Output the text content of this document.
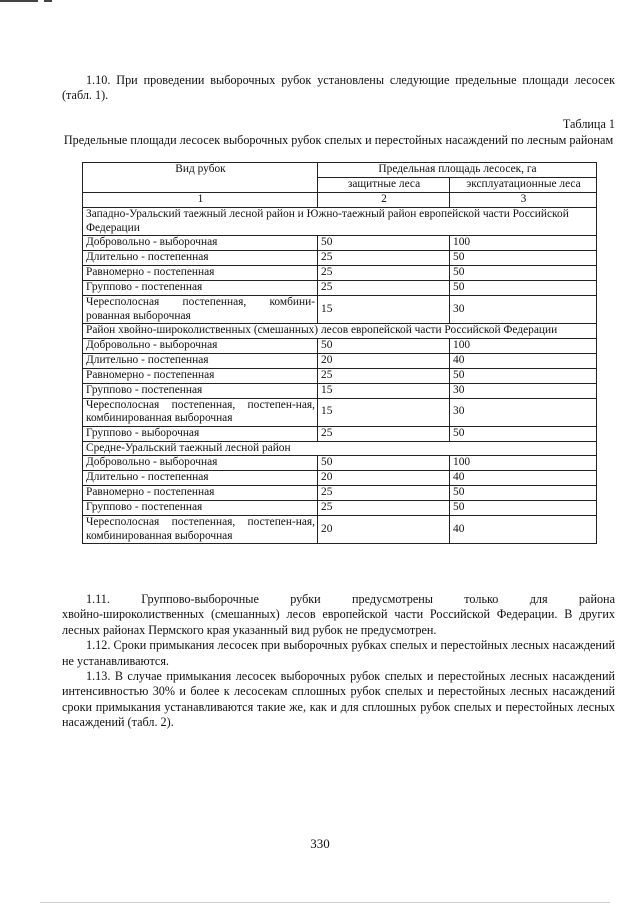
1.10. При проведении выборочных рубок установлены следующие предельные площади лесосек (табл. 1).

Таблица 1

Предельные площади лесосек выборочных рубок спелых и перестойных насаждений по лесным районам

Вид рубок	Предельная площадь лесосек, га	
	защитные леса	эксплуатационные леса
1	2	3
Западно-Уральский таежный лесной район и Южно-таежный район европейской части Российской Федерации		
Добровольно - выборочная	50	100
Длительно - постепенная	25	50
Равномерно - постепенная	25	50
Группово - постепенная	25	50
Чересполосная постепенная, комбини-рованная выборочная	15	30
Район хвойно-широколиственных (смешанных) лесов европейской части Российской Федерации		
Добровольно - выборочная	50	100
Длительно - постепенная	20	40
Равномерно - постепенная	25	50
Группово - постепенная	15	30
Чересполосная постепенная, постепен-ная, комбинированная выборочная	15	30
Группово - выборочная	25	50
Средне-Уральский таежный лесной район		
Добровольно - выборочная	50	100
Длительно - постепенная	20	40
Равномерно - постепенная	25	50
Группово - постепенная	25	50
Чересполосная постепенная, постепен-ная, комбинированная выборочная	20	40

1.11. Группово-выборочные рубки предусмотрены только для района

хвойно-широколиственных (смешанных) лесов европейской части Российской Федерации. В других лесных районах Пермского края указанный вид рубок не предусмотрен.

1.12. Сроки примыкания лесосек при выборочных рубках спелых и перестойных лесных насаждений не устанавливаются.

1.13. В случае примыкания лесосек выборочных рубок спелых и перестойных лесных насаждений интенсивностью 30% и более к лесосекам сплошных рубок спелых и перестойных лесных насаждений сроки примыкания устанавливаются такие же, как и для сплошных рубок спелых и перестойных лесных насаждений (табл. 2).

330
